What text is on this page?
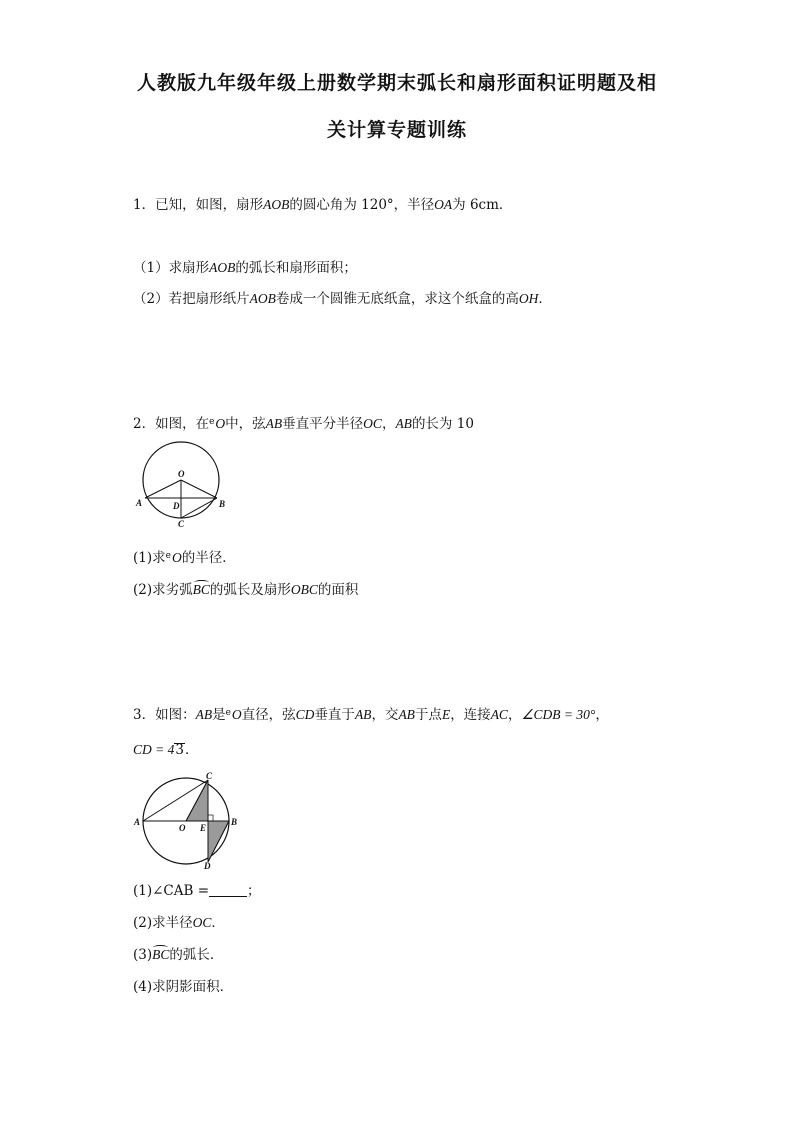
人教版九年级年级上册数学期末弧长和扇形面积证明题及相
关计算专题训练
1．已知，如图，扇形AOB的圆心角为 120°，半径OA为 6cm．
（1）求扇形AOB的弧长和扇形面积；
（2）若把扇形纸片AOB卷成一个圆锥无底纸盒，求这个纸盒的高OH．
2．如图，在$^e$O中，弦AB垂直平分半径OC，AB的长为 10
O
A	B
C
D
(1)求$^e$O的半径．
(2)求劣弧BC的弧长及扇形OBC的面积
3．如图：AB是$^e$O直径，弦CD垂直于AB，交AB于点E，连接AC，∠CDB = 30°，
CD = 43．
A
O E
B
C
D
(1)∠CAB =	；
(2)求半径OC．
(3)BC的弧长．
(4)求阴影面积．
